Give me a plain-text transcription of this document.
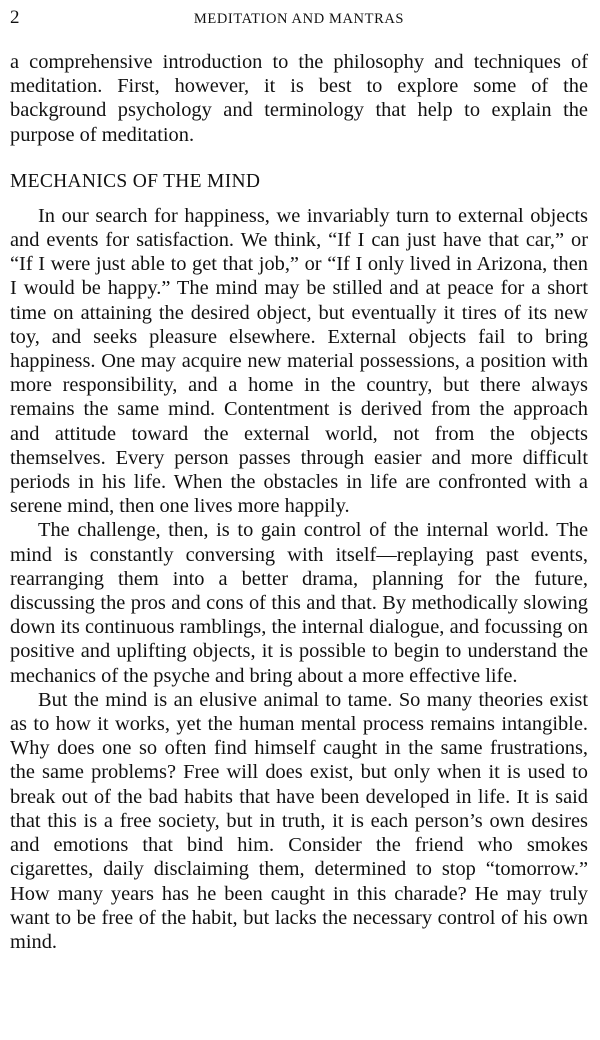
2	MEDITATION AND MANTRAS

a comprehensive introduction to the philosophy and techniques of meditation. First, however, it is best to explore some of the background psychology and terminology that help to explain the purpose of meditation.

MECHANICS OF THE MIND

In our search for happiness, we invariably turn to external objects and events for satisfaction. We think, “If I can just have that car,” or “If I were just able to get that job,” or “If I only lived in Arizona, then I would be happy.” The mind may be stilled and at peace for a short time on attaining the desired object, but eventually it tires of its new toy, and seeks pleasure elsewhere. External objects fail to bring happiness. One may acquire new material possessions, a position with more responsibility, and a home in the country, but there always remains the same mind. Contentment is derived from the approach and attitude toward the external world, not from the objects themselves. Every person passes through easier and more difficult periods in his life. When the obstacles in life are confronted with a serene mind, then one lives more happily.

The challenge, then, is to gain control of the internal world. The mind is constantly conversing with itself—replaying past events, rearranging them into a better drama, planning for the future, discussing the pros and cons of this and that. By methodically slowing down its continuous ramblings, the internal dialogue, and focussing on positive and uplifting objects, it is possible to begin to understand the mechanics of the psyche and bring about a more effective life.

But the mind is an elusive animal to tame. So many theories exist as to how it works, yet the human mental process remains intangible. Why does one so often find himself caught in the same frustrations, the same problems? Free will does exist, but only when it is used to break out of the bad habits that have been developed in life. It is said that this is a free society, but in truth, it is each person’s own desires and emotions that bind him. Consider the friend who smokes cigarettes, daily disclaiming them, determined to stop “tomorrow.” How many years has he been caught in this charade? He may truly want to be free of the habit, but lacks the necessary control of his own mind.
